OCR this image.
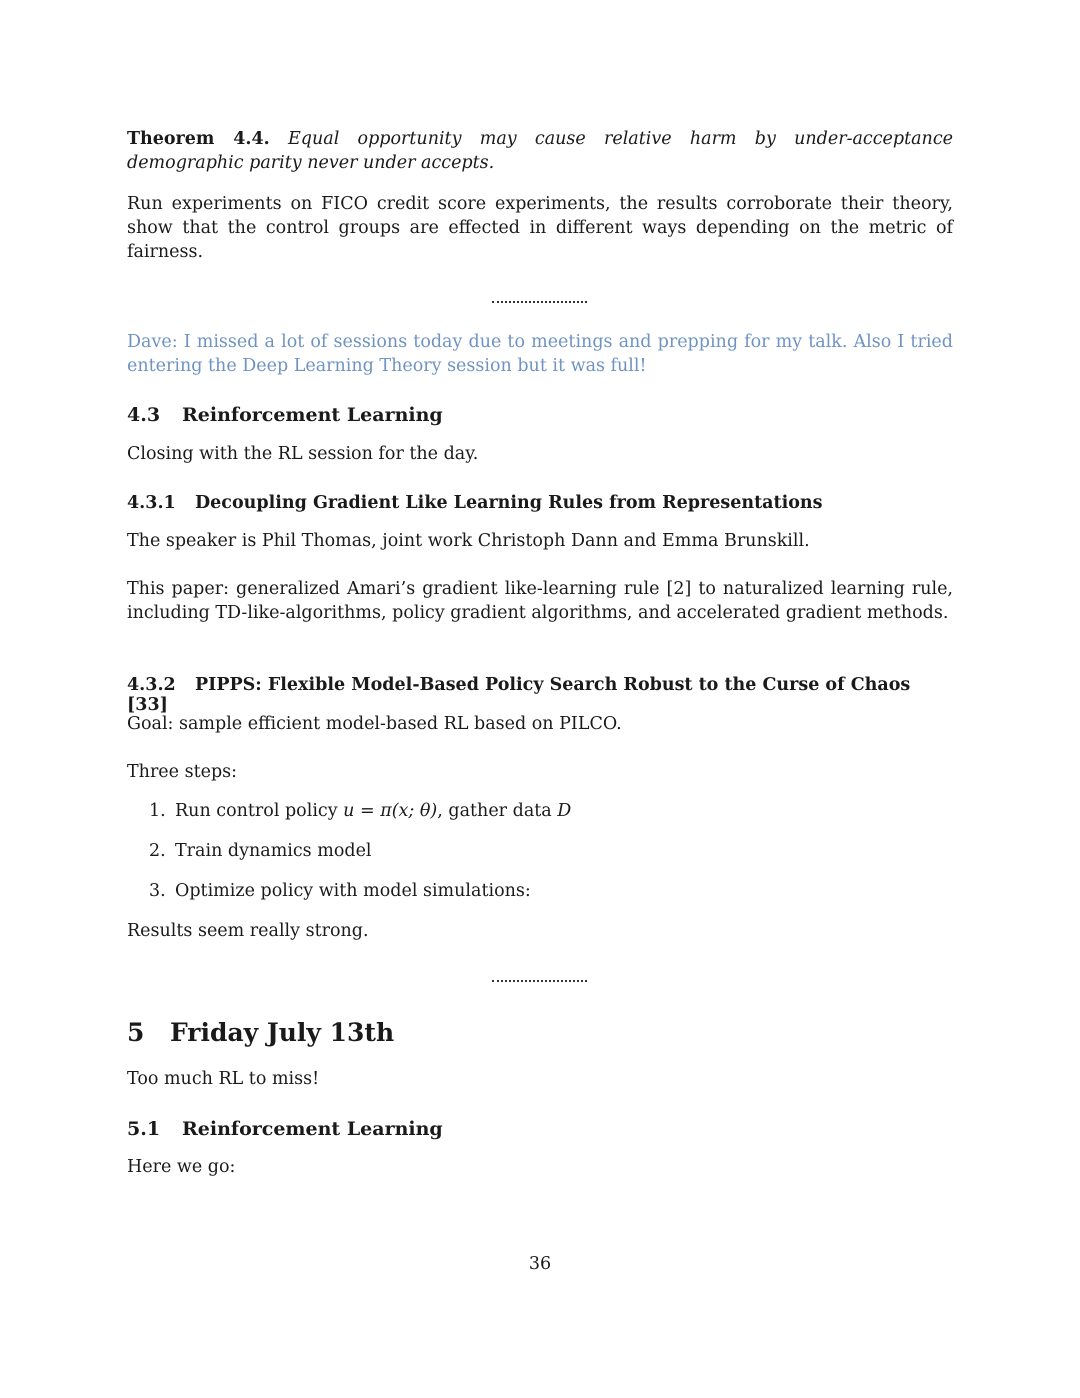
Theorem 4.4. Equal opportunity may cause relative harm by under-acceptance demographic parity never under accepts.

Run experiments on FICO credit score experiments, the results corroborate their theory, show that the control groups are effected in different ways depending on the metric of fairness.

Dave: I missed a lot of sessions today due to meetings and prepping for my talk. Also I tried entering the Deep Learning Theory session but it was full!

4.3 Reinforcement Learning

Closing with the RL session for the day.

4.3.1 Decoupling Gradient Like Learning Rules from Representations

The speaker is Phil Thomas, joint work Christoph Dann and Emma Brunskill.

This paper: generalized Amari’s gradient like-learning rule [2] to naturalized learning rule, including TD-like-algorithms, policy gradient algorithms, and accelerated gradient methods.

4.3.2 PIPPS: Flexible Model-Based Policy Search Robust to the Curse of Chaos [33]

Goal: sample efficient model-based RL based on PILCO.

Three steps:

1. Run control policy u = π(x; θ), gather data D
2. Train dynamics model
3. Optimize policy with model simulations:

Results seem really strong.

5 Friday July 13th

Too much RL to miss!

5.1 Reinforcement Learning

Here we go:

36
